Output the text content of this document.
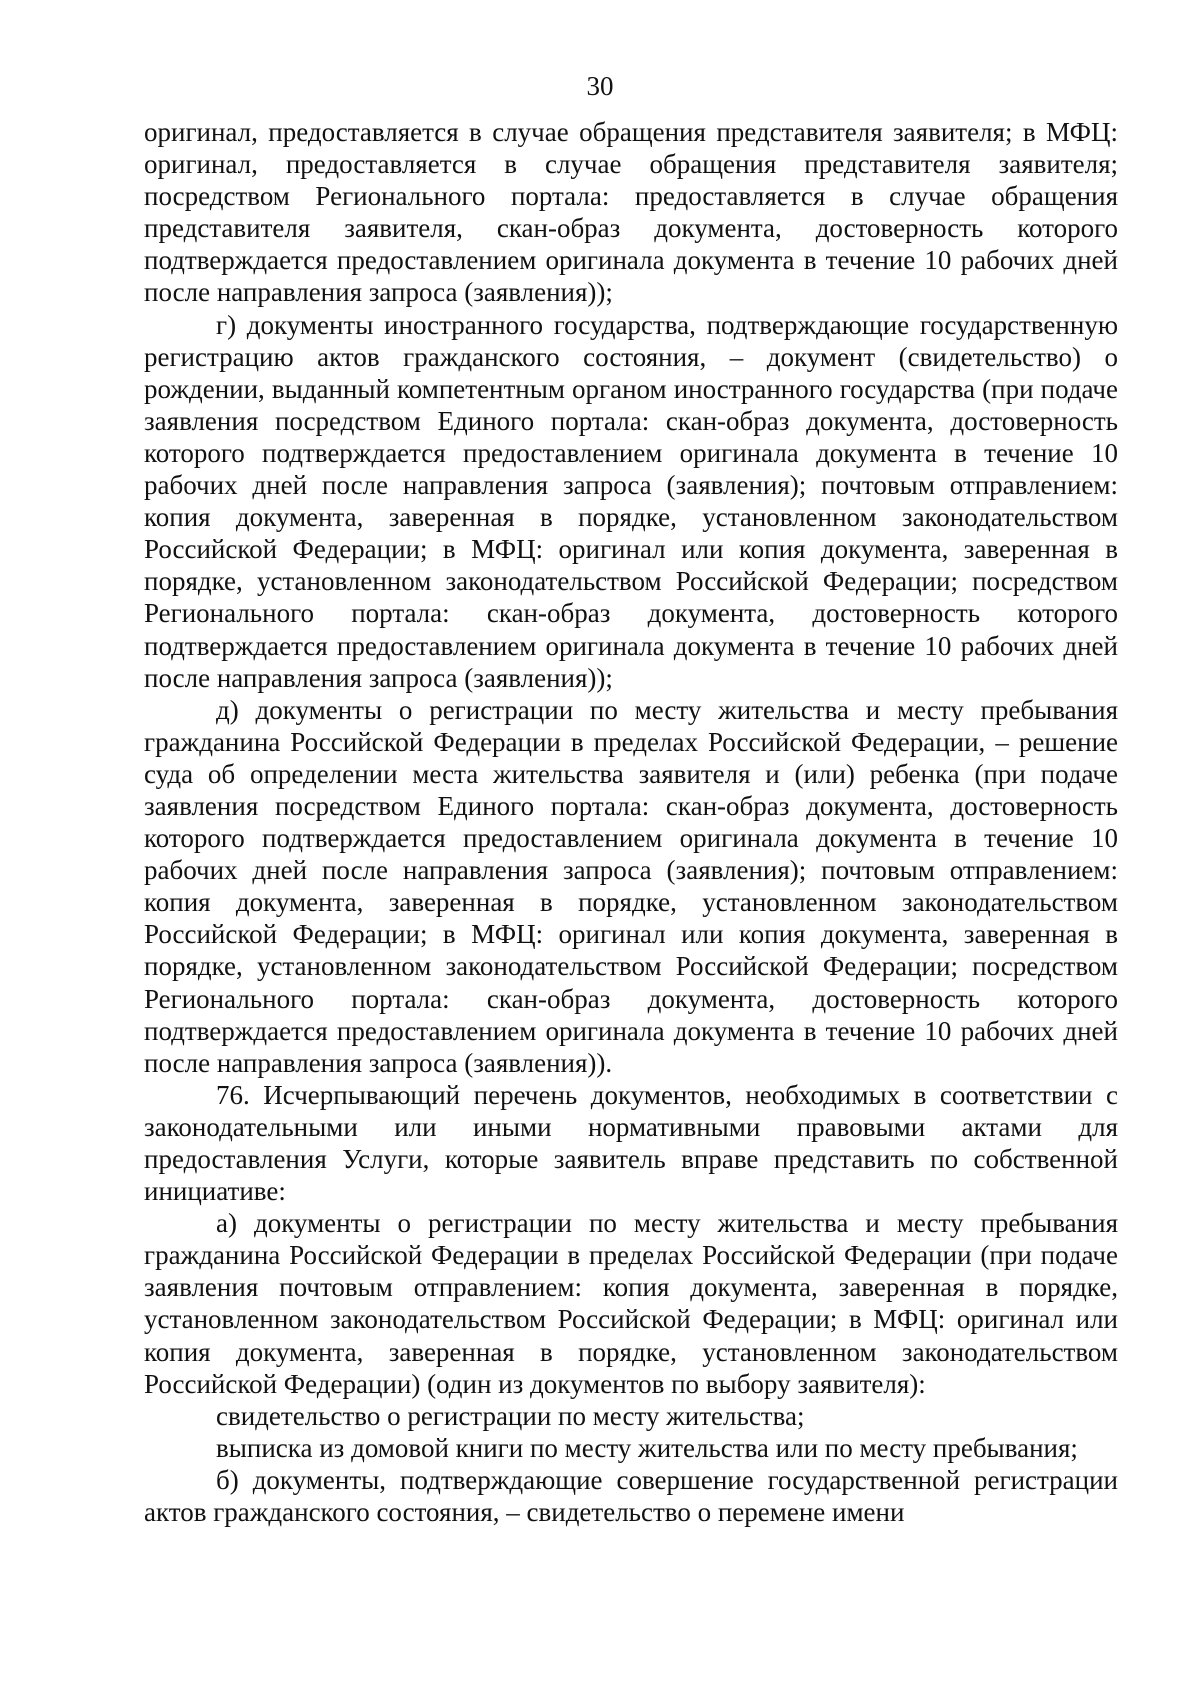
30

оригинал, предоставляется в случае обращения представителя заявителя; в МФЦ: оригинал, предоставляется в случае обращения представителя заявителя; посредством Регионального портала: предоставляется в случае обращения представителя заявителя, скан-образ документа, достоверность которого подтверждается предоставлением оригинала документа в течение 10 рабочих дней после направления запроса (заявления));

г) документы иностранного государства, подтверждающие государственную регистрацию актов гражданского состояния, – документ (свидетельство) о рождении, выданный компетентным органом иностранного государства (при подаче заявления посредством Единого портала: скан-образ документа, достоверность которого подтверждается предоставлением оригинала документа в течение 10 рабочих дней после направления запроса (заявления); почтовым отправлением: копия документа, заверенная в порядке, установленном законодательством Российской Федерации; в МФЦ: оригинал или копия документа, заверенная в порядке, установленном законодательством Российской Федерации; посредством Регионального портала: скан-образ документа, достоверность которого подтверждается предоставлением оригинала документа в течение 10 рабочих дней после направления запроса (заявления));

д) документы о регистрации по месту жительства и месту пребывания гражданина Российской Федерации в пределах Российской Федерации, – решение суда об определении места жительства заявителя и (или) ребенка (при подаче заявления посредством Единого портала: скан-образ документа, достоверность которого подтверждается предоставлением оригинала документа в течение 10 рабочих дней после направления запроса (заявления); почтовым отправлением: копия документа, заверенная в порядке, установленном законодательством Российской Федерации; в МФЦ: оригинал или копия документа, заверенная в порядке, установленном законодательством Российской Федерации; посредством Регионального портала: скан-образ документа, достоверность которого подтверждается предоставлением оригинала документа в течение 10 рабочих дней после направления запроса (заявления)).

76. Исчерпывающий перечень документов, необходимых в соответствии с законодательными или иными нормативными правовыми актами для предоставления Услуги, которые заявитель вправе представить по собственной инициативе:

а) документы о регистрации по месту жительства и месту пребывания гражданина Российской Федерации в пределах Российской Федерации (при подаче заявления почтовым отправлением: копия документа, заверенная в порядке, установленном законодательством Российской Федерации; в МФЦ: оригинал или копия документа, заверенная в порядке, установленном законодательством Российской Федерации) (один из документов по выбору заявителя):

свидетельство о регистрации по месту жительства;

выписка из домовой книги по месту жительства или по месту пребывания;

б) документы, подтверждающие совершение государственной регистрации актов гражданского состояния, – свидетельство о перемене имени
